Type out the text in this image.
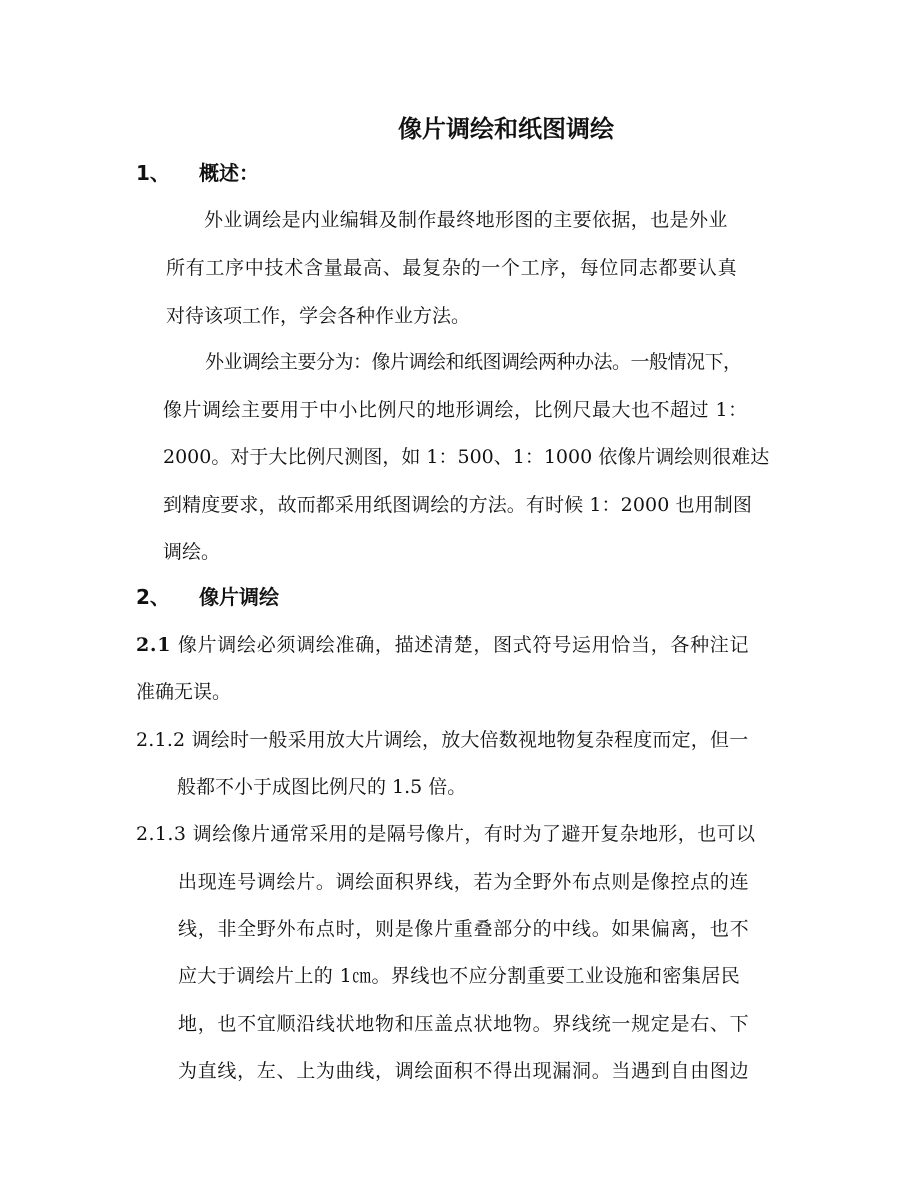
像片调绘和纸图调绘
1、 概述：
外业调绘是内业编辑及制作最终地形图的主要依据，也是外业
所有工序中技术含量最高、最复杂的一个工序，每位同志都要认真
对待该项工作，学会各种作业方法。
外业调绘主要分为：像片调绘和纸图调绘两种办法。一般情况下，
像片调绘主要用于中小比例尺的地形调绘，比例尺最大也不超过 1：
2000。对于大比例尺测图，如 1：500、1：1000 依像片调绘则很难达
到精度要求，故而都采用纸图调绘的方法。有时候 1：2000 也用制图
调绘。
2、 像片调绘
2.1 像片调绘必须调绘准确，描述清楚，图式符号运用恰当，各种注记
准确无误。
2.1.2 调绘时一般采用放大片调绘，放大倍数视地物复杂程度而定，但一
般都不小于成图比例尺的 1.5 倍。
2.1.3 调绘像片通常采用的是隔号像片，有时为了避开复杂地形，也可以
出现连号调绘片。调绘面积界线，若为全野外布点则是像控点的连
线，非全野外布点时，则是像片重叠部分的中线。如果偏离，也不
应大于调绘片上的 1㎝。界线也不应分割重要工业设施和密集居民
地，也不宜顺沿线状地物和压盖点状地物。界线统一规定是右、下
为直线，左、上为曲线，调绘面积不得出现漏洞。当遇到自由图边
